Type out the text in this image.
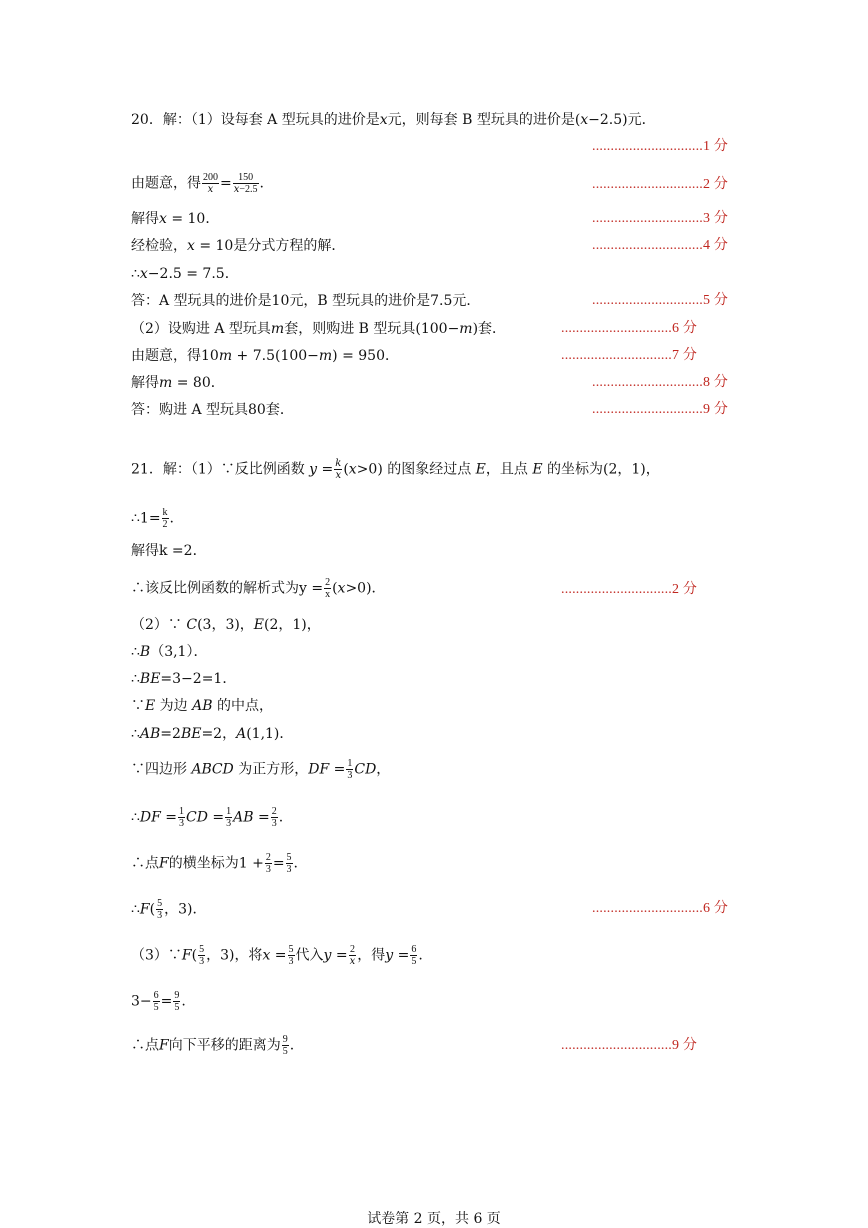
20．解：（1）设每套 A 型玩具的进价是𝑥元，则每套 B 型玩具的进价是(𝑥−2.5)元．
..............................1 分
由题意，得 $\frac{200}{\text{𝑥}} = \frac{150}{\text{𝑥−2.5}}$ .	..............................2 分
解得𝑥 = 10．	..............................3 分
经检验，𝑥 = 10是分式方程的解．	..............................4 分
∴𝑥−2.5 = 7.5．
答：A 型玩具的进价是10元，B 型玩具的进价是7.5元．	..............................5 分
（2）设购进 A 型玩具𝑚套，则购进 B 型玩具(100−𝑚)套．	..............................6 分
由题意，得10𝑚 + 7.5(100−𝑚) = 950．	..............................7 分
解得𝑚 = 80．	..............................8 分
答：购进 A 型玩具80套．	..............................9 分
21．解：（1）∵反比例函数 𝑦 = $\frac{\text{𝑘}}{\text{𝑥}}$ (𝑥>0) 的图象经过点 𝐸，且点 𝐸 的坐标为(2，1)，
∴1= $\frac{k}{2}$ .
解得k =2．
∴该反比例函数的解析式为$y = \frac{2}{x}$ (𝑥>0)．	..............................2 分
（2）∵ 𝐶(3，3)，𝐸(2，1)，
∴𝐵（3,1）．
∴𝐵𝐸=3−2=1．
∵𝐸 为边 𝐴𝐵 的中点，
∴𝐴𝐵=2𝐵𝐸=2，𝐴(1,1)．
∵四边形 𝐴𝐵𝐶𝐷 为正方形，𝐷𝐹 = $\frac{1}{3}$ 𝐶𝐷，
∴𝐷𝐹 = $\frac{1}{3}$ 𝐶𝐷 = $\frac{1}{3}$ 𝐴𝐵 = $\frac{2}{3}$ .
∴点𝐹的横坐标为$1 + \frac{2}{3} = \frac{5}{3}$ .
∴𝐹( $\frac{5}{3}$ ，3)．	..............................6 分
（3）∵𝐹( $\frac{5}{3}$ ，3)，将𝑥 = $\frac{5}{3}$ 代入𝑦 = $\frac{2}{\text{𝑥}}$ ，得𝑦 = $\frac{6}{5}$ .
$3- \frac{6}{5} = \frac{9}{5}$ .
∴点𝐹向下平移的距离为 $\frac{9}{5}$ .	..............................9 分
试卷第 2 页，共 6 页
